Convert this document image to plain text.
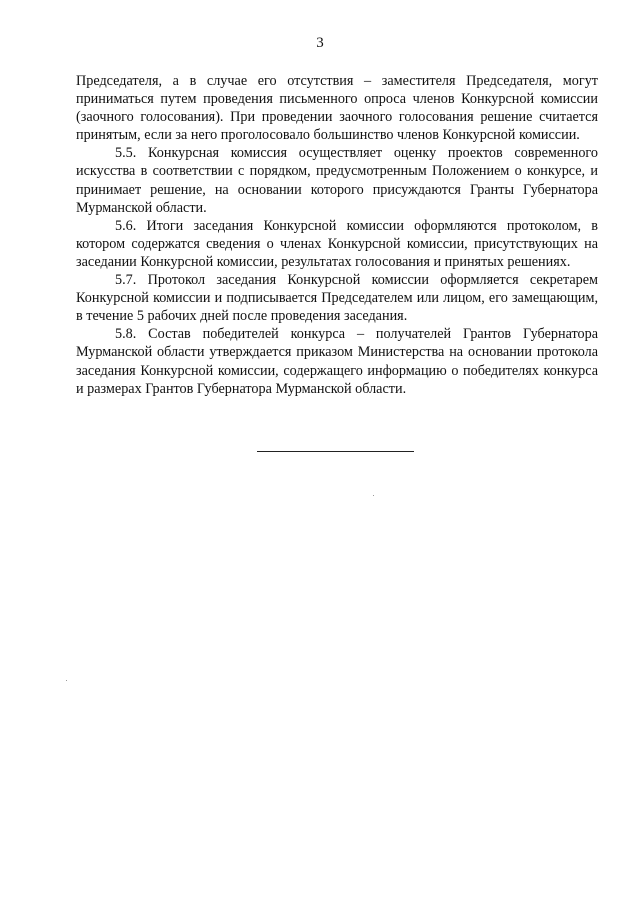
3

Председателя, а в случае его отсутствия – заместителя Председателя, могут приниматься путем проведения письменного опроса членов Конкурсной комиссии (заочного голосования). При проведении заочного голосования решение считается принятым, если за него проголосовало большинство членов Конкурсной комиссии.

5.5. Конкурсная комиссия осуществляет оценку проектов современного искусства в соответствии с порядком, предусмотренным Положением о конкурсе, и принимает решение, на основании которого присуждаются Гранты Губернатора Мурманской области.

5.6. Итоги заседания Конкурсной комиссии оформляются протоколом, в котором содержатся сведения о членах Конкурсной комиссии, присутствующих на заседании Конкурсной комиссии, результатах голосования и принятых решениях.

5.7. Протокол заседания Конкурсной комиссии оформляется секретарем Конкурсной комиссии и подписывается Председателем или лицом, его замещающим, в течение 5 рабочих дней после проведения заседания.

5.8. Состав победителей конкурса – получателей Грантов Губернатора Мурманской области утверждается приказом Министерства на основании протокола заседания Конкурсной комиссии, содержащего информацию о победителях конкурса и размерах Грантов Губернатора Мурманской области.
